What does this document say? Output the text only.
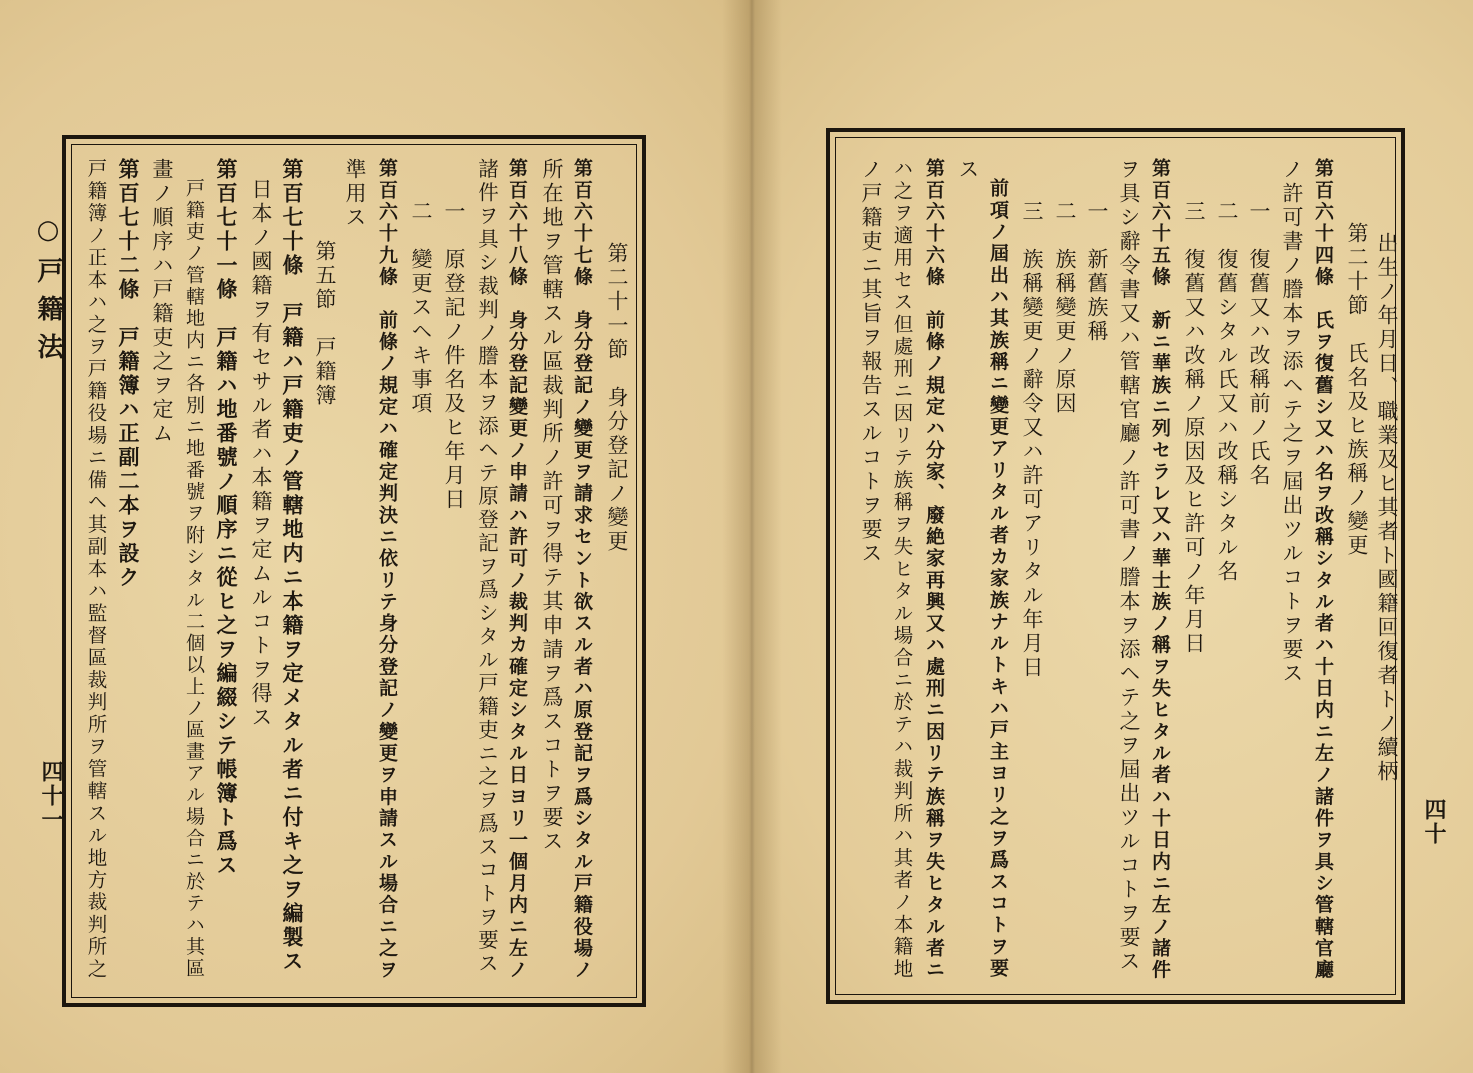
○戸籍法
四十一
第二十一節　身分登記ノ變更
第百六十七條　身分登記ノ變更ヲ請求セント欲スル者ハ原登記ヲ爲シタル戸籍役場ノ
所在地ヲ管轄スル區裁判所ノ許可ヲ得テ其申請ヲ爲スコトヲ要ス
第百六十八條　身分登記變更ノ申請ハ許可ノ裁判カ確定シタル日ヨリ一個月内ニ左ノ
諸件ヲ具シ裁判ノ謄本ヲ添ヘテ原登記ヲ爲シタル戸籍吏ニ之ヲ爲スコトヲ要ス
一　原登記ノ件名及ヒ年月日
二　變更スヘキ事項
第百六十九條　前條ノ規定ハ確定判決ニ依リテ身分登記ノ變更ヲ申請スル場合ニ之ヲ
準用ス
第五節　戸籍簿
第百七十條　戸籍ハ戸籍吏ノ管轄地内ニ本籍ヲ定メタル者ニ付キ之ヲ編製ス
日本ノ國籍ヲ有セサル者ハ本籍ヲ定ムルコトヲ得ス
第百七十一條　戸籍ハ地番號ノ順序ニ從ヒ之ヲ編綴シテ帳簿ト爲ス
戸籍吏ノ管轄地内ニ各別ニ地番號ヲ附シタル二個以上ノ區畫アル場合ニ於テハ其區
畫ノ順序ハ戸籍吏之ヲ定ム
第百七十二條　戸籍簿ハ正副二本ヲ設ク
戸籍簿ノ正本ハ之ヲ戸籍役場ニ備ヘ其副本ハ監督區裁判所ヲ管轄スル地方裁判所之	四十
出生ノ年月日、職業及ヒ其者ト國籍回復者トノ續柄
第二十節　氏名及ヒ族稱ノ變更
第百六十四條　氏ヲ復舊シ又ハ名ヲ改稱シタル者ハ十日内ニ左ノ諸件ヲ具シ管轄官廳
ノ許可書ノ謄本ヲ添ヘテ之ヲ屆出ツルコトヲ要ス
一　復舊又ハ改稱前ノ氏名
二　復舊シタル氏又ハ改稱シタル名
三　復舊又ハ改稱ノ原因及ヒ許可ノ年月日
第百六十五條　新ニ華族ニ列セラレ又ハ華士族ノ稱ヲ失ヒタル者ハ十日内ニ左ノ諸件
ヲ具シ辭令書又ハ管轄官廳ノ許可書ノ謄本ヲ添ヘテ之ヲ屆出ツルコトヲ要ス
一　新舊族稱
二　族稱變更ノ原因
三　族稱變更ノ辭令又ハ許可アリタル年月日
前項ノ屆出ハ其族稱ニ變更アリタル者カ家族ナルトキハ戸主ヨリ之ヲ爲スコトヲ要
ス
第百六十六條　前條ノ規定ハ分家、廢絶家再興又ハ處刑ニ因リテ族稱ヲ失ヒタル者ニ
ハ之ヲ適用セス但處刑ニ因リテ族稱ヲ失ヒタル場合ニ於テハ裁判所ハ其者ノ本籍地
ノ戸籍吏ニ其旨ヲ報告スルコトヲ要ス
